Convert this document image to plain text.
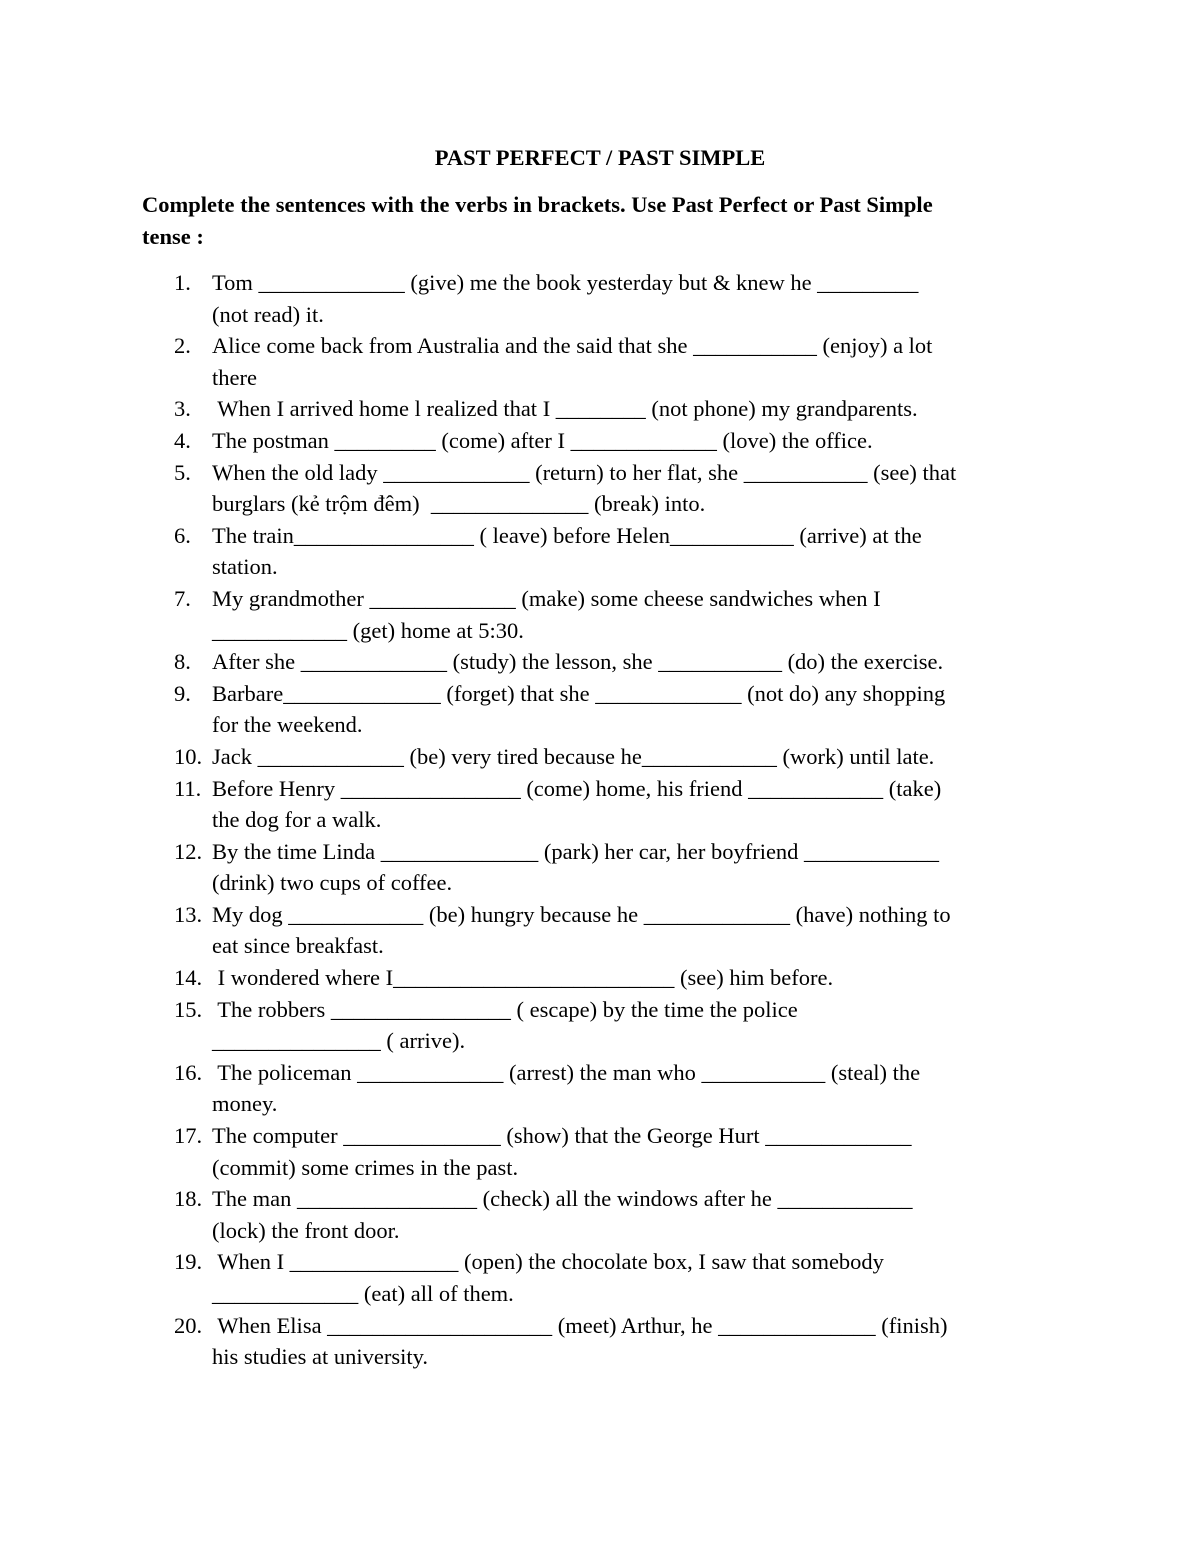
PAST PERFECT / PAST SIMPLE
Complete the sentences with the verbs in brackets. Use Past Perfect or Past Simple
tense :
1. Tom _____________ (give) me the book yesterday but & knew he _________
(not read) it.
2. Alice come back from Australia and the said that she ___________ (enjoy) a lot
there
3. When I arrived home l realized that I ________ (not phone) my grandparents.
4. The postman _________ (come) after I _____________ (love) the office.
5. When the old lady _____________ (return) to her flat, she ___________ (see) that
burglars (kẻ trộm đêm)  ______________ (break) into.
6. The train________________ ( leave) before Helen___________ (arrive) at the
station.
7. My grandmother _____________ (make) some cheese sandwiches when I
____________ (get) home at 5:30.
8. After she _____________ (study) the lesson, she ___________ (do) the exercise.
9. Barbare______________ (forget) that she _____________ (not do) any shopping
for the weekend.
10. Jack _____________ (be) very tired because he____________ (work) until late.
11. Before Henry ________________ (come) home, his friend ____________ (take)
the dog for a walk.
12. By the time Linda ______________ (park) her car, her boyfriend ____________
(drink) two cups of coffee.
13. My dog ____________ (be) hungry because he _____________ (have) nothing to
eat since breakfast.
14. I wondered where I_________________________ (see) him before.
15. The robbers ________________ ( escape) by the time the police
_______________ ( arrive).
16. The policeman _____________ (arrest) the man who ___________ (steal) the
money.
17. The computer ______________ (show) that the George Hurt _____________
(commit) some crimes in the past.
18. The man ________________ (check) all the windows after he ____________
(lock) the front door.
19. When I _______________ (open) the chocolate box, I saw that somebody
_____________ (eat) all of them.
20. When Elisa ____________________ (meet) Arthur, he ______________ (finish)
his studies at university.
